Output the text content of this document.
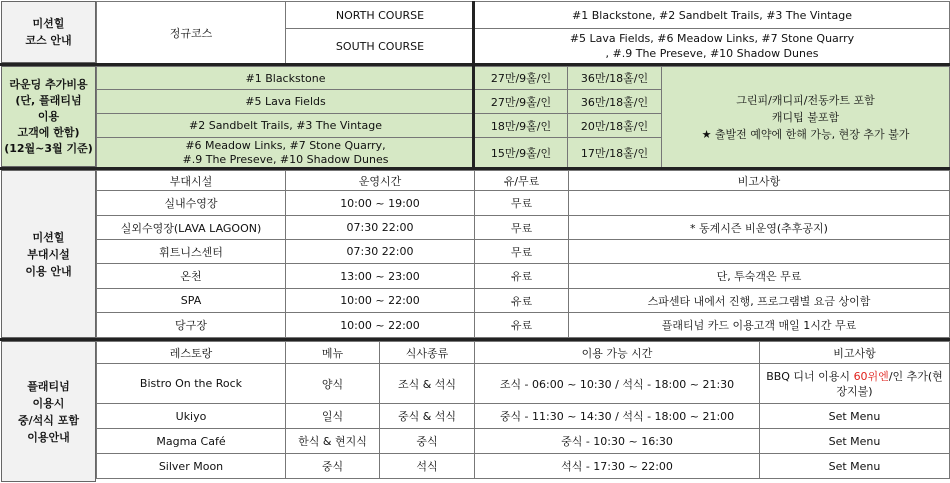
미션힐
코스 안내
정규코스	NORTH COURSE	#1 Blackstone, #2 Sandbelt Trails, #3 The Vintage
	SOUTH COURSE	#5 Lava Fields, #6 Meadow Links, #7 Stone Quarry
, #.9 The Preseve, #10 Shadow Dunes
라운딩 추가비용
(단, 플래티넘
이용
고객에 한함)
(12월~3월 기준)
#1 Blackstone	27만/9홀/인	36만/18홀/인	그린피/캐디피/전동카트 포함
캐디팁 불포함
★ 출발전 예약에 한해 가능, 현장 추가 불가
#5 Lava Fields	27만/9홀/인	36만/18홀/인	
#2 Sandbelt Trails, #3 The Vintage	18만/9홀/인	20만/18홀/인	
#6 Meadow Links, #7 Stone Quarry,
#.9 The Preseve, #10 Shadow Dunes	15만/9홀/인	17만/18홀/인	
미션힐
부대시설
이용 안내
부대시설	운영시간	유/무료	비고사항
실내수영장	10:00 ~ 19:00	무료	
실외수영장(LAVA LAGOON)	07:30 22:00	무료	* 동계시즌 비운영(추후공지)
휘트니스센터	07:30 22:00	무료	
온천	13:00 ~ 23:00	유료	단, 투숙객은 무료
SPA	10:00 ~ 22:00	유료	스파센타 내에서 진행, 프로그램별 요금 상이함
당구장	10:00 ~ 22:00	유료	플래티넘 카드 이용고객 매일 1시간 무료
플래티넘
이용시
중/석식 포함
이용안내
레스토랑	메뉴	식사종류	이용 가능 시간	비고사항
Bistro On the Rock	양식	조식 & 석식	조식 - 06:00 ~ 10:30 / 석식 - 18:00 ~ 21:30	BBQ 디너 이용시 60위엔/인 추가(현장지불)
Ukiyo	일식	중식 & 석식	중식 - 11:30 ~ 14:30 / 석식 - 18:00 ~ 21:00	Set Menu
Magma Café	한식 & 현지식	중식	중식 - 10:30 ~ 16:30	Set Menu
Silver Moon	중식	석식	석식 - 17:30 ~ 22:00	Set Menu
